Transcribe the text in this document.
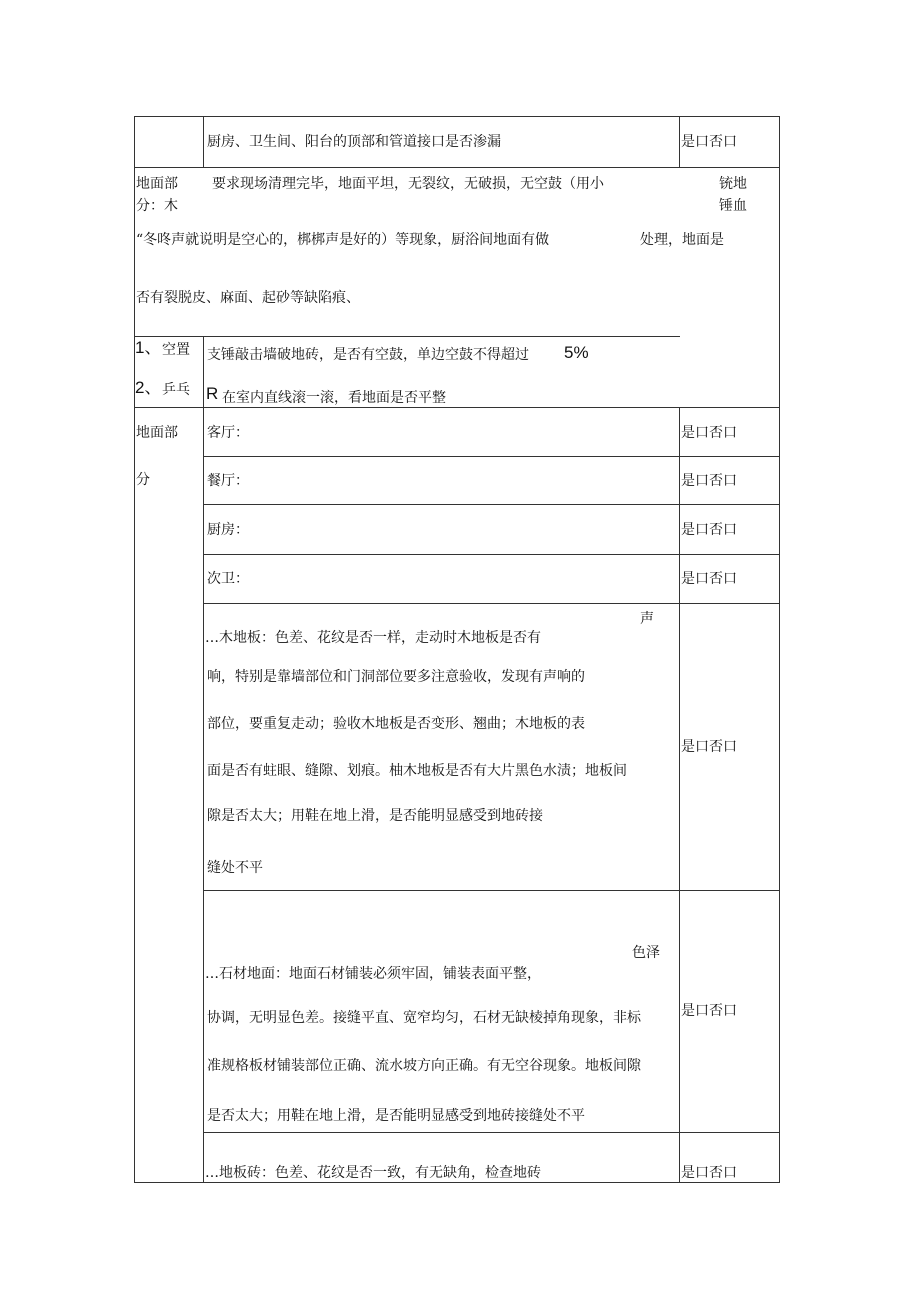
厨房、卫生间、阳台的顶部和管道接口是否渗漏	是口否口
地面部
分：木
要求现场清理完毕，地面平坦，无裂纹，无破损，无空鼓（用小	铳地
锤血
“冬咚声就说明是空心的，梆梆声是好的）等现象，厨浴间地面有做	处理，地面是
否有裂脱皮、麻面、起砂等缺陷痕、
1、 空置 支锤敲击墙破地砖，是否有空鼓，单边空鼓不得超过 5%
2、 乒乓 R 在室内直线滚一滚，看地面是否平整
地面部
分
客厅：	是口否口
餐厅：	是口否口
厨房：	是口否口
次卫：	是口否口
声
…木地板：色差、花纹是否一样，走动时木地板是否有
响，特别是靠墙部位和门洞部位要多注意验收，发现有声响的
部位，要重复走动；验收木地板是否变形、翘曲；木地板的表
面是否有蛀眼、缝隙、划痕。柚木地板是否有大片黑色水渍；地板间
隙是否太大；用鞋在地上滑，是否能明显感受到地砖接
缝处不平
是口否口
色泽
…石材地面：地面石材铺装必须牢固，铺装表面平整，
协调，无明显色差。接缝平直、宽窄均匀，石材无缺棱掉角现象，非标
准规格板材铺装部位正确、流水坡方向正确。有无空谷现象。地板间隙
是否太大；用鞋在地上滑，是否能明显感受到地砖接缝处不平
是口否口
…地板砖：色差、花纹是否一致，有无缺角，检查地砖	是口否口
